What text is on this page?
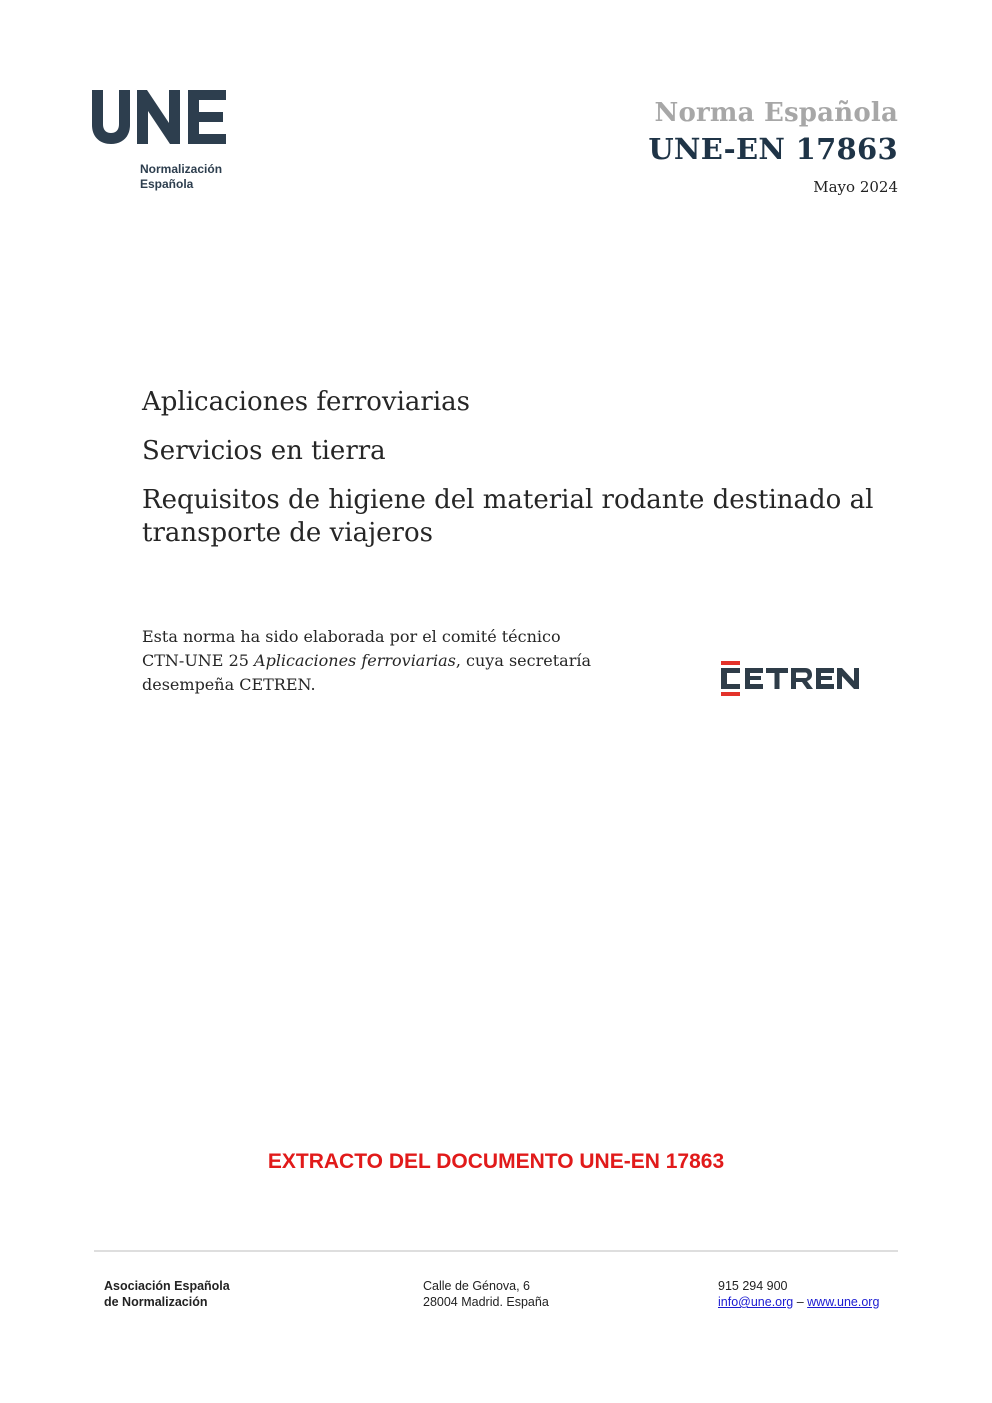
Normalización
Española
Norma Española
UNE-EN 17863
Mayo 2024
Aplicaciones ferroviarias
Servicios en tierra
Requisitos de higiene del material rodante destinado al
transporte de viajeros
Esta norma ha sido elaborada por el comité técnico
CTN-UNE 25 Aplicaciones ferroviarias, cuya secretaría
desempeña CETREN.
EXTRACTO DEL DOCUMENTO UNE-EN 17863
Asociación Española
de Normalización
Calle de Génova, 6
28004 Madrid. España
915 294 900
info@une.org – www.une.org
